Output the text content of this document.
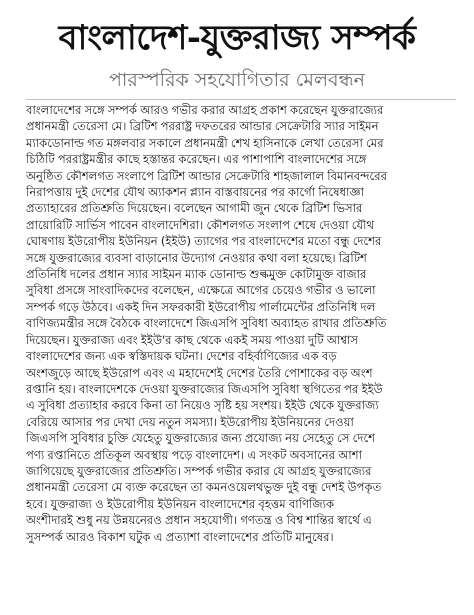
বাংলাদেশ-যুক্তরাজ্য সম্পর্ক
পারস্পরিক সহযোগিতার মেলবন্ধন
বাংলাদেশের সঙ্গে সম্পর্ক আরও গভীর করার আগ্রহ প্রকাশ করেছেন যুক্তরাজ্যের
প্রধানমন্ত্রী তেরেসা মে। ব্রিটিশ পররাষ্ট্র দফতরের আন্ডার সেক্রেটারি স্যার সাইমন
ম্যাকডোনাল্ড গত মঙ্গলবার সকালে প্রধানমন্ত্রী শেখ হাসিনাকে লেখা তেরেসা মের
চিঠিটি পররাষ্ট্রমন্ত্রীর কাছে হস্তান্তর করেছেন। এর পাশাপাশি বাংলাদেশের সঙ্গে
অনুষ্ঠিত কৌশলগত সংলাপে ব্রিটিশ আন্ডার সেক্রেটারি শাহজালাল বিমানবন্দরের
নিরাপত্তায় দুই দেশের যৌথ অ্যাকশন প্ল্যান বাস্তবায়নের পর কার্গো নিষেধাজ্ঞা
প্রত্যাহারের প্রতিশ্রুতি দিয়েছেন। বলেছেন আগামী জুন থেকে ব্রিটিশ ভিসার
প্রায়োরিটি সার্ভিস পাবেন বাংলাদেশিরা। কৌশলগত সংলাপ শেষে দেওয়া যৌথ
ঘোষণায় ইউরোপীয় ইউনিয়ন (ইইউ) ত্যাগের পর বাংলাদেশের মতো বন্ধু দেশের
সঙ্গে যুক্তরাজ্যের ব্যবসা বাড়ানোর উদ্যোগ নেওয়ার কথা বলা হয়েছে। ব্রিটিশ
প্রতিনিধি দলের প্রধান স্যার সাইমন ম্যাক ডোনাল্ড শুল্কমুক্ত কোটামুক্ত বাজার
সুবিধা প্রসঙ্গে সাংবাদিকদের বলেছেন, এক্ষেত্রে আগের চেয়েও গভীর ও ভালো
সম্পর্ক গড়ে উঠবে। একই দিন সফরকারী ইউরোপীয় পার্লামেন্টের প্রতিনিধি দল
বাণিজ্যমন্ত্রীর সঙ্গে বৈঠকে বাংলাদেশে জিএসপি সুবিধা অব্যাহত রাখার প্রতিশ্রুতি
দিয়েছেন। যুক্তরাজ্য এবং ইইউ'র কাছ থেকে একই সময় পাওয়া দুটি আশ্বাস
বাংলাদেশের জন্য এক স্বস্তিদায়ক ঘটনা। দেশের বহির্বাণিজ্যের এক বড়
অংশজুড়ে আছে ইউরোপ এবং এ মহাদেশেই দেশের তৈরি পোশাকের বড় অংশ
রপ্তানি হয়। বাংলাদেশকে দেওয়া যুক্তরাজ্যের জিএসপি সুবিধা স্থগিতের পর ইইউ
এ সুবিধা প্রত্যাহার করবে কিনা তা নিয়েও সৃষ্টি হয় সংশয়। ইইউ থেকে যুক্তরাজ্য
বেরিয়ে আসার পর দেখা দেয় নতুন সমস্যা। ইউরোপীয় ইউনিয়নের দেওয়া
জিএসপি সুবিধার চুক্তি যেহেতু যুক্তরাজ্যের জন্য প্রযোজ্য নয় সেহেতু সে দেশে
পণ্য রপ্তানিতে প্রতিকূল অবস্থায় পড়ে বাংলাদেশ। এ সংকট অবসানের আশা
জাগিয়েছে যুক্তরাজ্যের প্রতিশ্রুতি। সম্পর্ক গভীর করার যে আগ্রহ যুক্তরাজ্যের
প্রধানমন্ত্রী তেরেসা মে ব্যক্ত করেছেন তা কমনওয়েলথভুক্ত দুই বন্ধু দেশই উপকৃত
হবে। যুক্তরাজ্য ও ইউরোপীয় ইউনিয়ন বাংলাদেশের বৃহত্তম বাণিজ্যিক
অংশীদারই শুধু নয় উন্নয়নেরও প্রধান সহযোগী। গণতন্ত্র ও বিশ্ব শান্তির স্বার্থে এ
সুসম্পর্ক আরও বিকাশ ঘটুক এ প্রত্যাশা বাংলাদেশের প্রতিটি মানুষের।
